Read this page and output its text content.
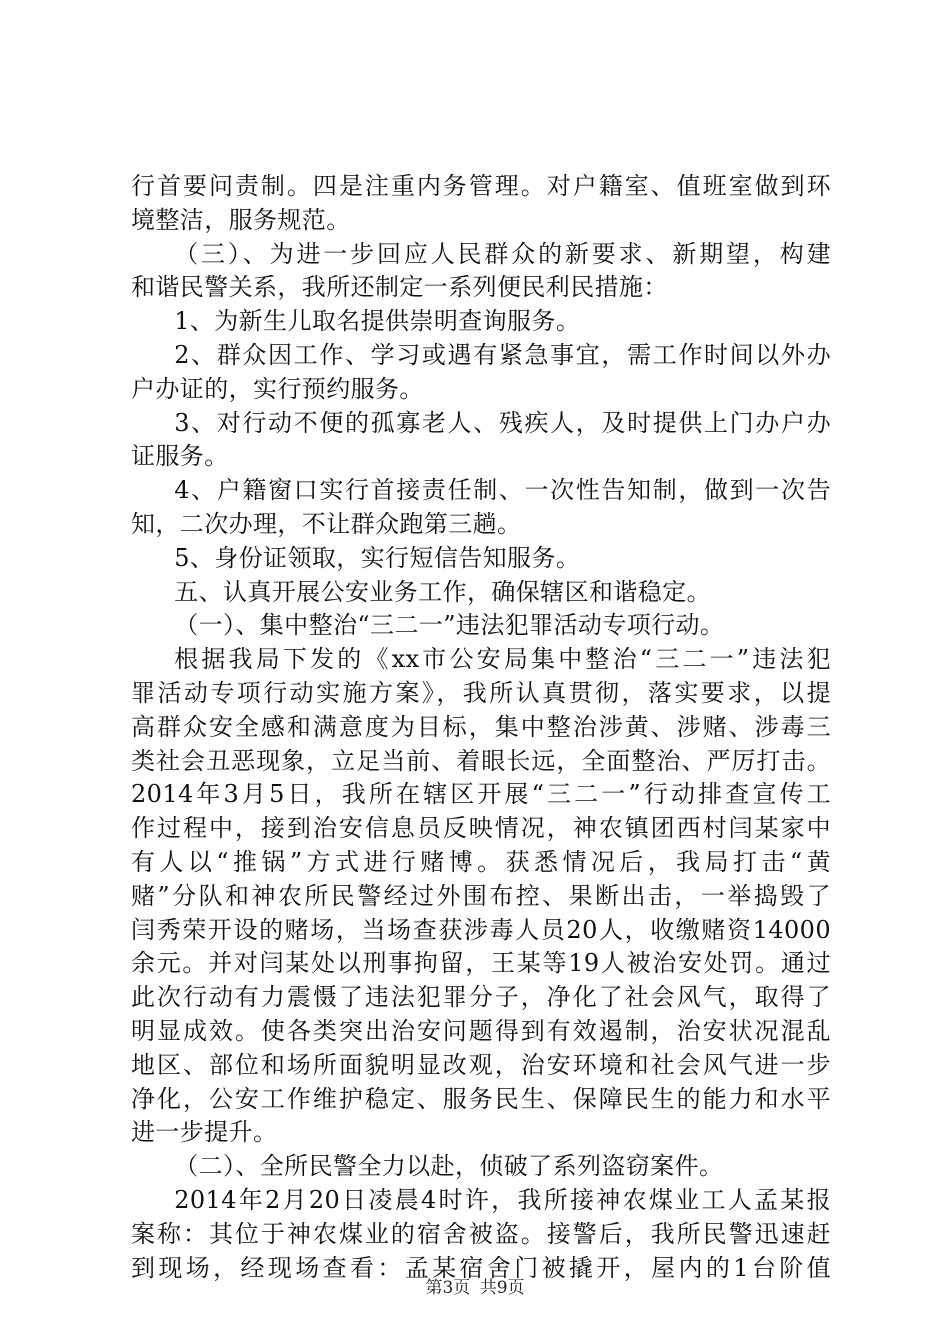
行首要问责制。四是注重内务管理。对户籍室、值班室做到环
境整洁，服务规范。
（三）、为进一步回应人民群众的新要求、新期望，构建
和谐民警关系，我所还制定一系列便民利民措施：
1、为新生儿取名提供崇明查询服务。
2、群众因工作、学习或遇有紧急事宜，需工作时间以外办
户办证的，实行预约服务。
3、对行动不便的孤寡老人、残疾人，及时提供上门办户办
证服务。
4、户籍窗口实行首接责任制、一次性告知制，做到一次告
知，二次办理，不让群众跑第三趟。
5、身份证领取，实行短信告知服务。
五、认真开展公安业务工作，确保辖区和谐稳定。
（一）、集中整治“三二一”违法犯罪活动专项行动。
根据我局下发的《xx市公安局集中整治“三二一”违法犯
罪活动专项行动实施方案》，我所认真贯彻，落实要求，以提
高群众安全感和满意度为目标，集中整治涉黄、涉赌、涉毒三
类社会丑恶现象，立足当前、着眼长远，全面整治、严厉打击。
2014年3月5日，我所在辖区开展“三二一”行动排查宣传工
作过程中，接到治安信息员反映情况，神农镇团西村闫某家中
有人以“推锅”方式进行赌博。获悉情况后，我局打击“黄
赌”分队和神农所民警经过外围布控、果断出击，一举捣毁了
闫秀荣开设的赌场，当场查获涉毒人员20人，收缴赌资14000
余元。并对闫某处以刑事拘留，王某等19人被治安处罚。通过
此次行动有力震慑了违法犯罪分子，净化了社会风气，取得了
明显成效。使各类突出治安问题得到有效遏制，治安状况混乱
地区、部位和场所面貌明显改观，治安环境和社会风气进一步
净化，公安工作维护稳定、服务民生、保障民生的能力和水平
进一步提升。
（二）、全所民警全力以赴，侦破了系列盗窃案件。
2014年2月20日凌晨4时许，我所接神农煤业工人孟某报
案称：其位于神农煤业的宿舍被盗。接警后，我所民警迅速赶
到现场，经现场查看：孟某宿舍门被撬开，屋内的1台阶值
第3页 共9页
